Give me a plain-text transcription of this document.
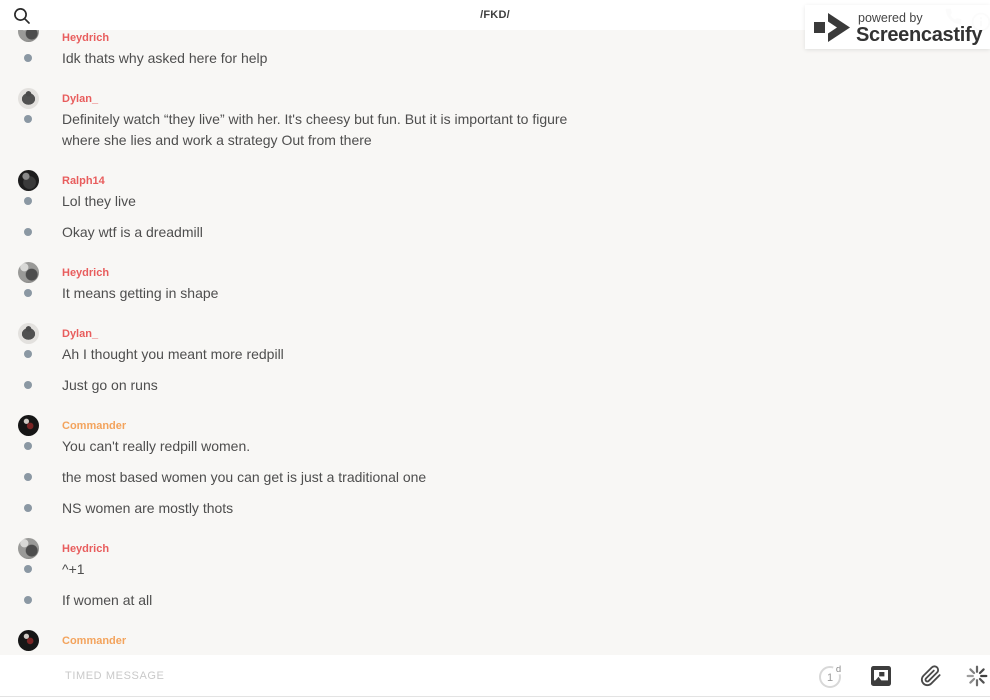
/FKD/	powered by
Screencastify
Heydrich
Idk thats why asked here for help
Dylan_
Definitely watch “they live” with her. It's cheesy but fun. But it is important to figure where she lies and work a strategy Out from there
Ralph14
Lol they live
Okay wtf is a dreadmill
Heydrich
It means getting in shape
Dylan_
Ah I thought you meant more redpill
Just go on runs
Commander
You can't really redpill women.
the most based women you can get is just a traditional one
NS women are mostly thots
Heydrich
^+1
If women at all
Commander
TIMED MESSAGE
1
d
